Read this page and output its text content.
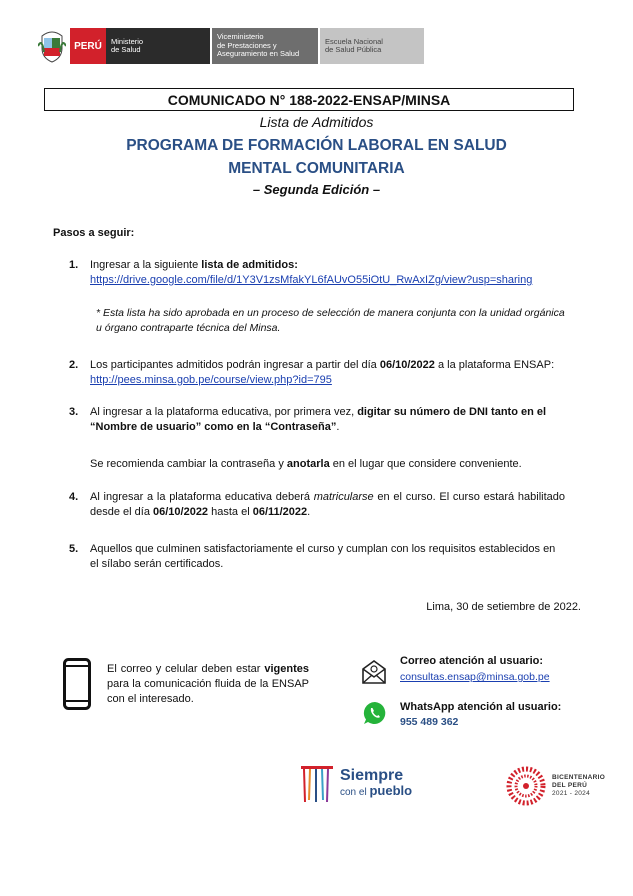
PERÚ	Ministerio
de Salud
Viceministerio
de Prestaciones y
Aseguramiento en Salud
Escuela Nacional
de Salud Pública
COMUNICADO N° 188-2022-ENSAP/MINSA
Lista de Admitidos
PROGRAMA DE FORMACIÓN LABORAL EN SALUD
MENTAL COMUNITARIA
– Segunda Edición –
Pasos a seguir:
1. Ingresar a la siguiente lista de admitidos:
https://drive.google.com/file/d/1Y3V1zsMfakYL6fAUvO55iOtU_RwAxIZg/view?usp=sharing
* Esta lista ha sido aprobada en un proceso de selección de manera conjunta con la unidad orgánica u órgano contraparte técnica del Minsa.
2. Los participantes admitidos podrán ingresar a partir del día 06/10/2022 a la plataforma ENSAP:
http://pees.minsa.gob.pe/course/view.php?id=795
3. Al ingresar a la plataforma educativa, por primera vez, digitar su número de DNI tanto en el “Nombre de usuario” como en la “Contraseña”.
Se recomienda cambiar la contraseña y anotarla en el lugar que considere conveniente.
4. Al ingresar a la plataforma educativa deberá matricularse en el curso. El curso estará habilitado desde el día 06/10/2022 hasta el 06/11/2022.
5. Aquellos que culminen satisfactoriamente el curso y cumplan con los requisitos establecidos en el sílabo serán certificados.
Lima, 30 de setiembre de 2022.
El correo y celular deben estar vigentes para la comunicación fluida de la ENSAP con el interesado.
Correo atención al usuario:
consultas.ensap@minsa.gob.pe
WhatsApp atención al usuario:
955 489 362
Siempre
con el pueblo
BICENTENARIO
DEL PERÚ
2021 - 2024
